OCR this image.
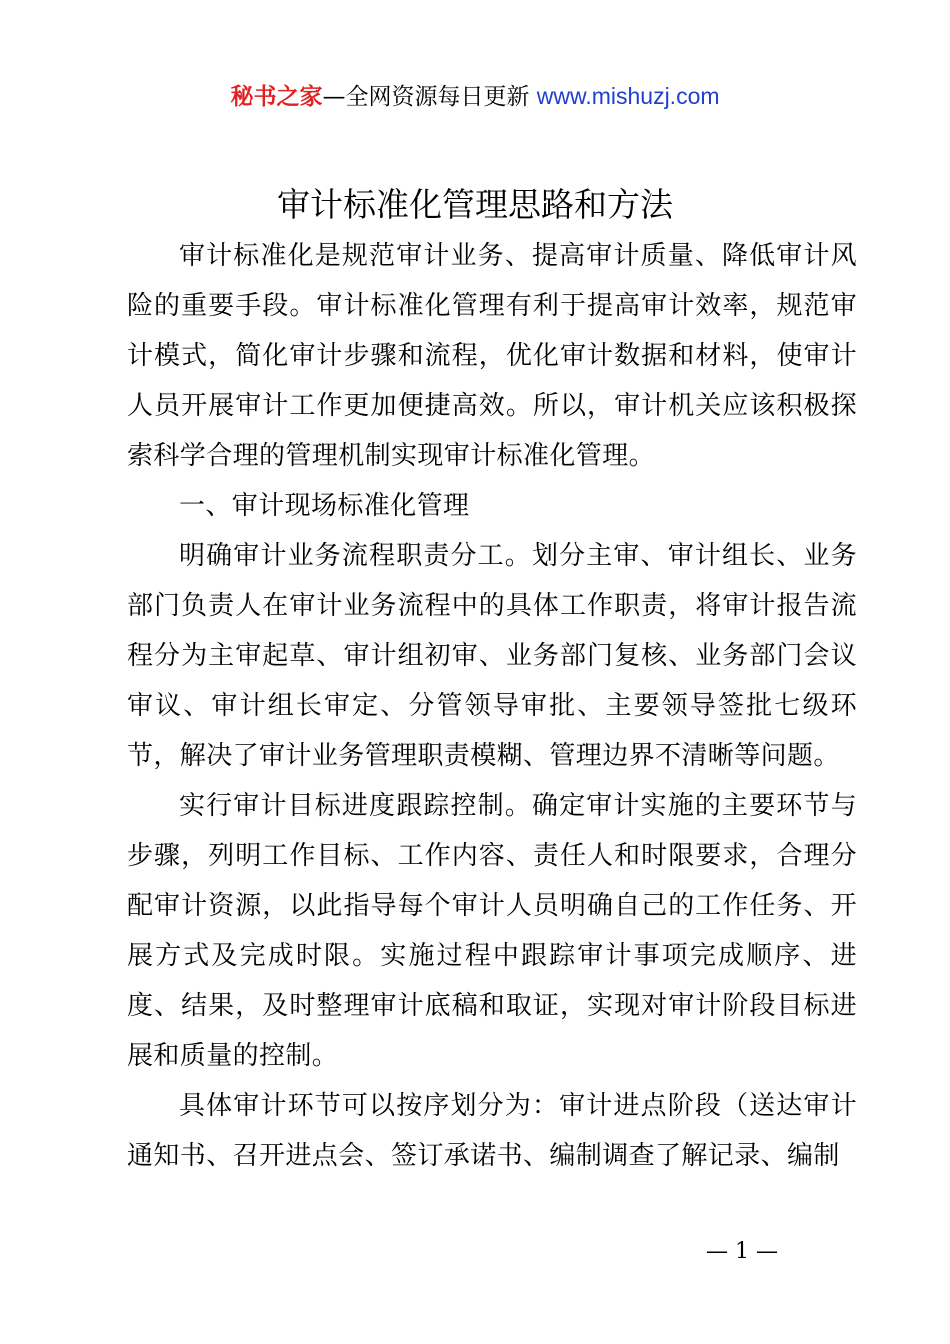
秘书之家—全网资源每日更新 www.mishuzj.com
审计标准化管理思路和方法

审计标准化是规范审计业务、提高审计质量、降低审计风险的重要手段。审计标准化管理有利于提高审计效率，规范审计模式，简化审计步骤和流程，优化审计数据和材料，使审计人员开展审计工作更加便捷高效。所以，审计机关应该积极探索科学合理的管理机制实现审计标准化管理。

一、审计现场标准化管理

明确审计业务流程职责分工。划分主审、审计组长、业务部门负责人在审计业务流程中的具体工作职责，将审计报告流程分为主审起草、审计组初审、业务部门复核、业务部门会议审议、审计组长审定、分管领导审批、主要领导签批七级环节，解决了审计业务管理职责模糊、管理边界不清晰等问题。

实行审计目标进度跟踪控制。确定审计实施的主要环节与步骤，列明工作目标、工作内容、责任人和时限要求，合理分配审计资源，以此指导每个审计人员明确自己的工作任务、开展方式及完成时限。实施过程中跟踪审计事项完成顺序、进度、结果，及时整理审计底稿和取证，实现对审计阶段目标进展和质量的控制。

具体审计环节可以按序划分为：审计进点阶段（送达审计通知书、召开进点会、签订承诺书、编制调查了解记录、编制

— 1 —
